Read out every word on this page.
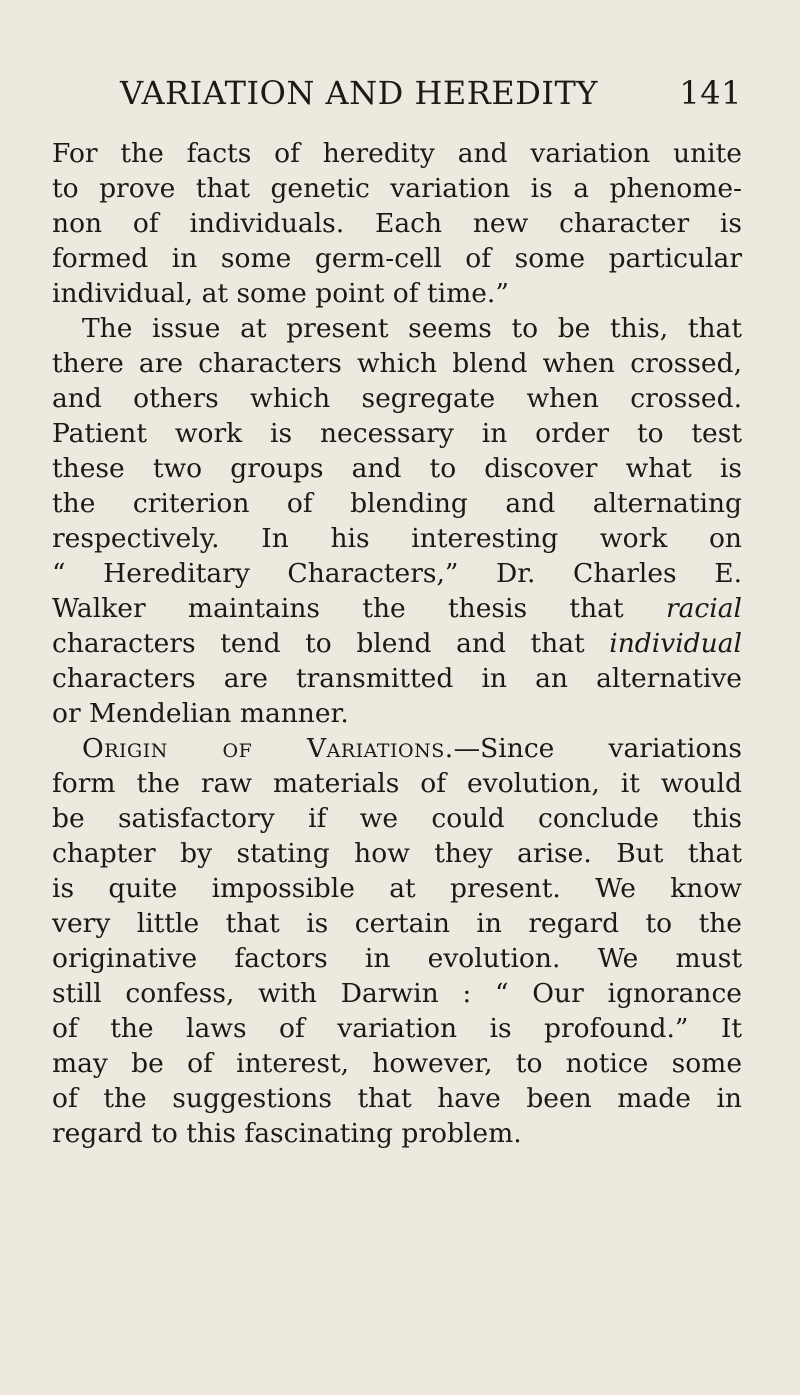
VARIATION AND HEREDITY	141
For the facts of heredity and variation unite
to prove that genetic variation is a phenome-
non of individuals. Each new character is
formed in some germ-cell of some particular
individual, at some point of time.”
The issue at present seems to be this, that
there are characters which blend when crossed,
and others which segregate when crossed.
Patient work is necessary in order to test
these two groups and to discover what is
the criterion of blending and alternating
respectively. In his interesting work on
“ Hereditary Characters,” Dr. Charles E.
Walker maintains the thesis that racial
characters tend to blend and that individual
characters are transmitted in an alternative
or Mendelian manner.
Origin of Variations.—Since variations
form the raw materials of evolution, it would
be satisfactory if we could conclude this
chapter by stating how they arise. But that
is quite impossible at present. We know
very little that is certain in regard to the
originative factors in evolution. We must
still confess, with Darwin : “ Our ignorance
of the laws of variation is profound.” It
may be of interest, however, to notice some
of the suggestions that have been made in
regard to this fascinating problem.
